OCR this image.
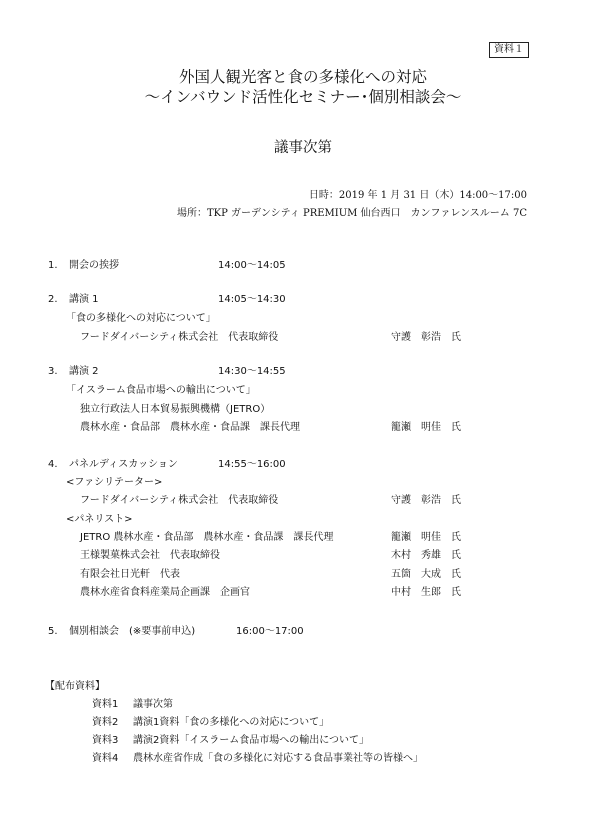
資料１
外国人観光客と食の多様化への対応
～インバウンド活性化セミナー･個別相談会～
議事次第
日時：2019 年 1 月 31 日（木）14:00～17:00
場所：TKP ガーデンシティ PREMIUM 仙台西口　カンファレンスルーム 7C
1. 開会の挨拶	14:00～14:05
2. 講演 1	14:05～14:30
「食の多様化への対応について」
フードダイバーシティ株式会社　代表取締役	守護　彰浩　氏
3. 講演 2	14:30～14:55
「イスラーム食品市場への輸出について」
独立行政法人日本貿易振興機構（JETRO）
農林水産・食品部　農林水産・食品課　課長代理	籠瀬　明佳　氏
4. パネルディスカッション	14:55～16:00
<ファシリテーター>
フードダイバーシティ株式会社　代表取締役	守護　彰浩　氏
<パネリスト>
JETRO 農林水産・食品部　農林水産・食品課　課長代理	籠瀬　明佳　氏
王様製菓株式会社　代表取締役	木村　秀雄　氏
有限会社日光軒　代表	五箇　大成　氏
農林水産省食料産業局企画課　企画官	中村　生郎　氏
5. 個別相談会　(※要事前申込)	16:00～17:00
【配布資料】
資料1 議事次第
資料2 講演1資料「食の多様化への対応について」
資料3 講演2資料「イスラーム食品市場への輸出について」
資料4 農林水産省作成「食の多様化に対応する食品事業社等の皆様へ」
